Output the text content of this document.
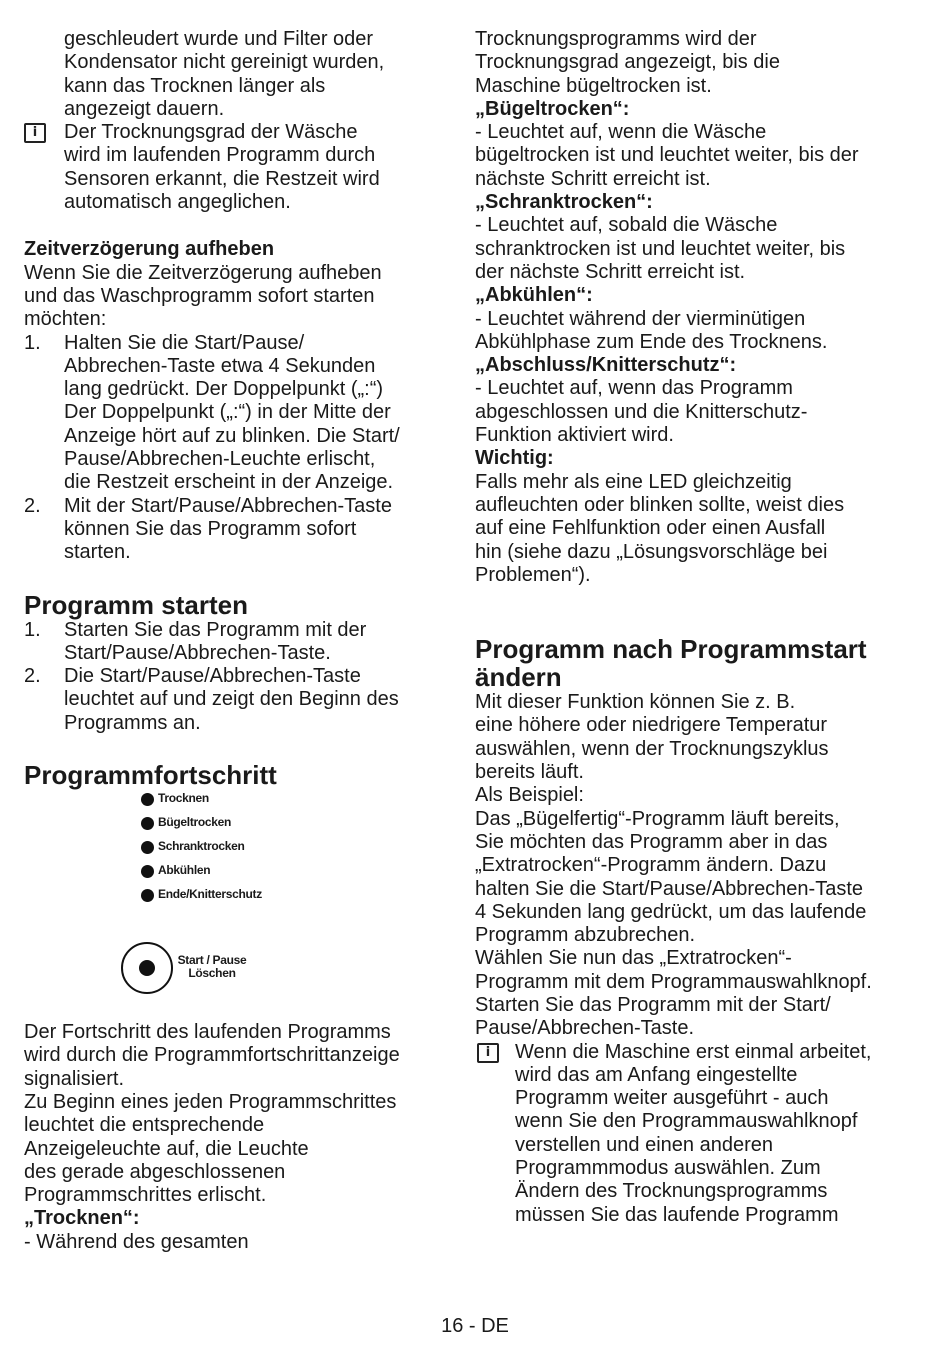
geschleudert wurde und Filter oder
Kondensator nicht gereinigt wurden,
kann das Trocknen länger als
angezeigt dauern.

i	Der Trocknungsgrad der Wäsche
wird im laufenden Programm durch
Sensoren erkannt, die Restzeit wird
automatisch angeglichen.

Zeitverzögerung aufheben

Wenn Sie die Zeitverzögerung aufheben
und das Waschprogramm sofort starten
möchten:

1. Halten Sie die Start/Pause/
Abbrechen-Taste etwa 4 Sekunden
lang gedrückt. Der Doppelpunkt („:“)
Der Doppelpunkt („:“) in der Mitte der
Anzeige hört auf zu blinken. Die Start/
Pause/Abbrechen-Leuchte erlischt,
die Restzeit erscheint in der Anzeige.
2. Mit der Start/Pause/Abbrechen-Taste
können Sie das Programm sofort
starten.

Programm starten

1. Starten Sie das Programm mit der
Start/Pause/Abbrechen-Taste.
2. Die Start/Pause/Abbrechen-Taste
leuchtet auf und zeigt den Beginn des
Programms an.

Programmfortschritt

Trocknen
Bügeltrocken
Schranktrocken
Abkühlen
Ende/Knitterschutz
Start / Pause
Löschen

Der Fortschritt des laufenden Programms
wird durch die Programmfortschrittanzeige
signalisiert.
Zu Beginn eines jeden Programmschrittes
leuchtet die entsprechende
Anzeigeleuchte auf, die Leuchte
des gerade abgeschlossenen
Programmschrittes erlischt.

„Trocknen“:

- Während des gesamten

Trocknungsprogramms wird der
Trocknungsgrad angezeigt, bis die
Maschine bügeltrocken ist.

„Bügeltrocken“:

- Leuchtet auf, wenn die Wäsche
bügeltrocken ist und leuchtet weiter, bis der
nächste Schritt erreicht ist.

„Schranktrocken“:

- Leuchtet auf, sobald die Wäsche
schranktrocken ist und leuchtet weiter, bis
der nächste Schritt erreicht ist.

„Abkühlen“:

- Leuchtet während der vierminütigen
Abkühlphase zum Ende des Trocknens.

„Abschluss/Knitterschutz“:

- Leuchtet auf, wenn das Programm
abgeschlossen und die Knitterschutz-
Funktion aktiviert wird.

Wichtig:

Falls mehr als eine LED gleichzeitig
aufleuchten oder blinken sollte, weist dies
auf eine Fehlfunktion oder einen Ausfall
hin (siehe dazu „Lösungsvorschläge bei
Problemen“).

Programm nach Programmstart
ändern

Mit dieser Funktion können Sie z. B.
eine höhere oder niedrigere Temperatur
auswählen, wenn der Trocknungszyklus
bereits läuft.
Als Beispiel:
Das „Bügelfertig“-Programm läuft bereits,
Sie möchten das Programm aber in das
„Extratrocken“-Programm ändern. Dazu
halten Sie die Start/Pause/Abbrechen-Taste
4 Sekunden lang gedrückt, um das laufende
Programm abzubrechen.
Wählen Sie nun das „Extratrocken“-
Programm mit dem Programmauswahlknopf.
Starten Sie das Programm mit der Start/
Pause/Abbrechen-Taste.

i	Wenn die Maschine erst einmal arbeitet,
wird das am Anfang eingestellte
Programm weiter ausgeführt - auch
wenn Sie den Programmauswahlknopf
verstellen und einen anderen
Programmmodus auswählen. Zum
Ändern des Trocknungsprogramms
müssen Sie das laufende Programm
16 - DE
